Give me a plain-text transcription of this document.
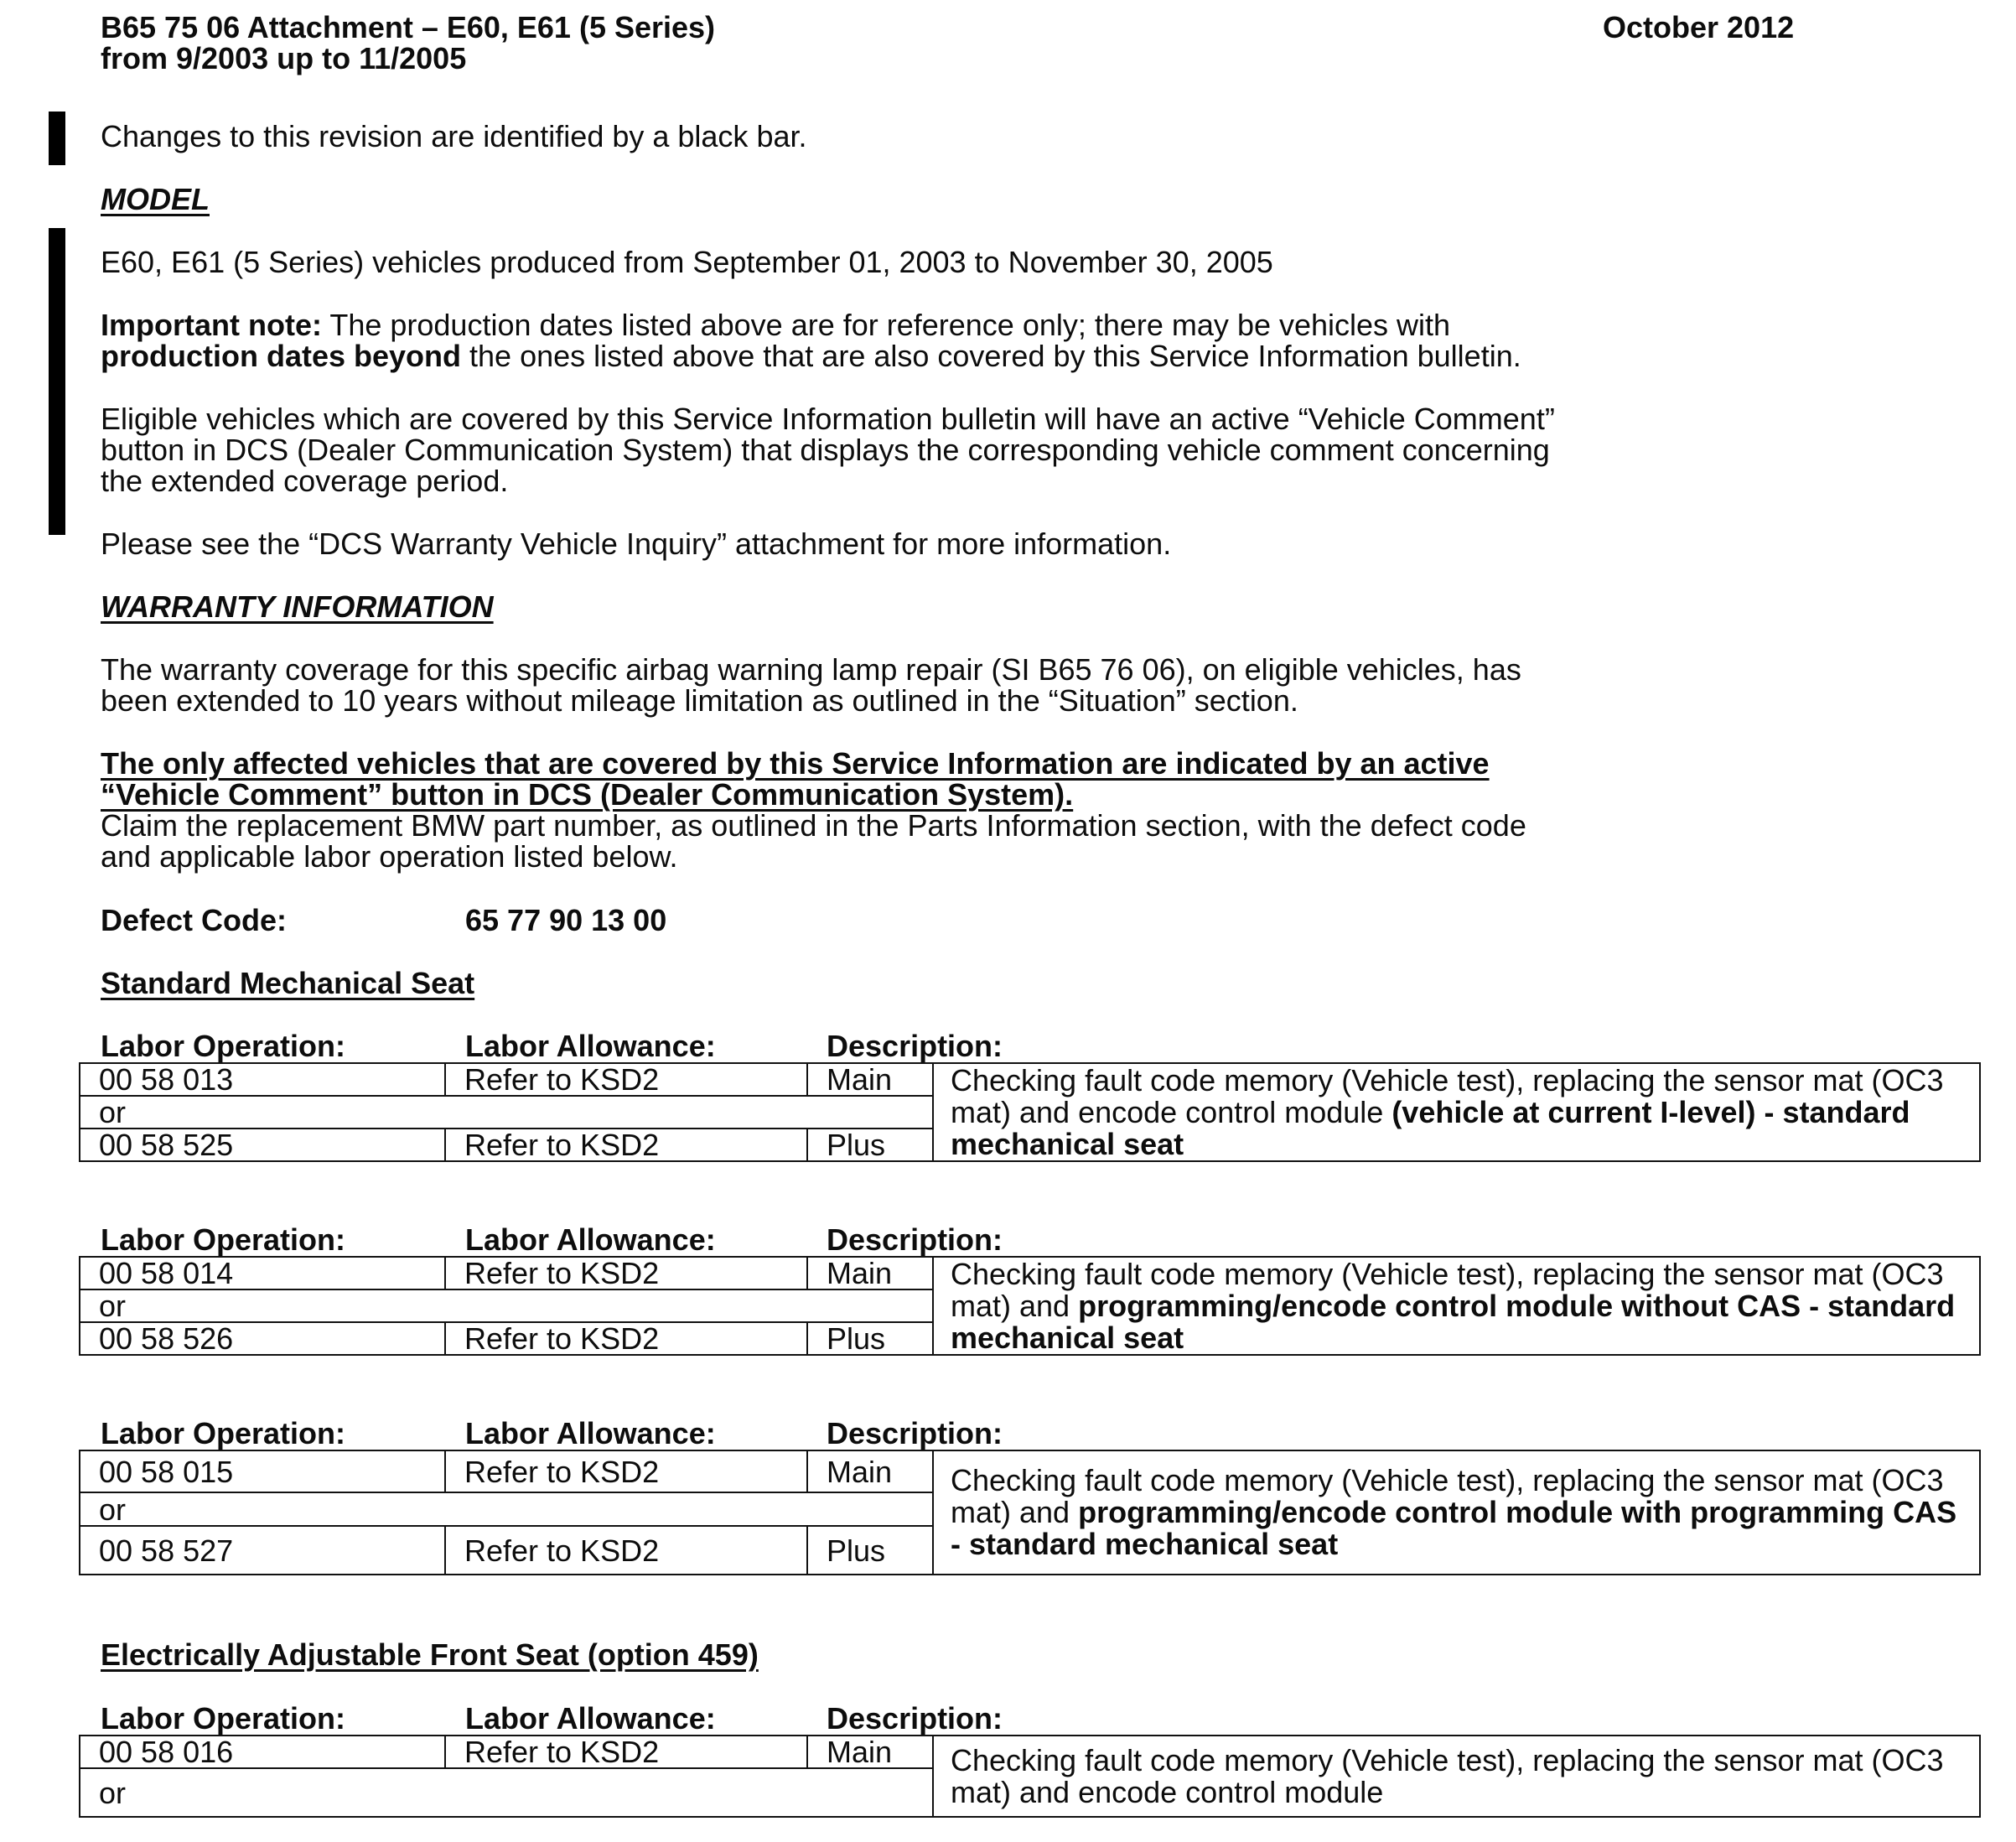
B65 75 06 Attachment – E60, E61 (5 Series)	October 2012
from 9/2003 up to 11/2005
Changes to this revision are identified by a black bar.
MODEL
E60, E61 (5 Series) vehicles produced from September 01, 2003 to November 30, 2005
Important note: The production dates listed above are for reference only; there may be vehicles with
production dates beyond the ones listed above that are also covered by this Service Information bulletin.
Eligible vehicles which are covered by this Service Information bulletin will have an active “Vehicle Comment”
button in DCS (Dealer Communication System) that displays the corresponding vehicle comment concerning
the extended coverage period.
Please see the “DCS Warranty Vehicle Inquiry” attachment for more information.
WARRANTY INFORMATION
The warranty coverage for this specific airbag warning lamp repair (SI B65 76 06), on eligible vehicles, has
been extended to 10 years without mileage limitation as outlined in the “Situation” section.
The only affected vehicles that are covered by this Service Information are indicated by an active
“Vehicle Comment” button in DCS (Dealer Communication System).
Claim the replacement BMW part number, as outlined in the Parts Information section, with the defect code
and applicable labor operation listed below.
Defect Code:	65 77 90 13 00
Standard Mechanical Seat
Labor Operation:	Labor Allowance:	Description:
00 58 013	Refer to KSD2	Main	Checking fault code memory (Vehicle test), replacing the sensor mat (OC3 mat) and encode control module (vehicle at current I-level) - standard mechanical seat
or			
00 58 525	Refer to KSD2	Plus	
Labor Operation:	Labor Allowance:	Description:
00 58 014	Refer to KSD2	Main	Checking fault code memory (Vehicle test), replacing the sensor mat (OC3 mat) and programming/encode control module without CAS - standard mechanical seat
or			
00 58 526	Refer to KSD2	Plus	
Labor Operation:	Labor Allowance:	Description:
00 58 015	Refer to KSD2	Main	Checking fault code memory (Vehicle test), replacing the sensor mat (OC3 mat) and programming/encode control module with programming CAS - standard mechanical seat
or			
00 58 527	Refer to KSD2	Plus	
Electrically Adjustable Front Seat (option 459)
Labor Operation:	Labor Allowance:	Description:
00 58 016	Refer to KSD2	Main	Checking fault code memory (Vehicle test), replacing the sensor mat (OC3 mat) and encode control module
or
